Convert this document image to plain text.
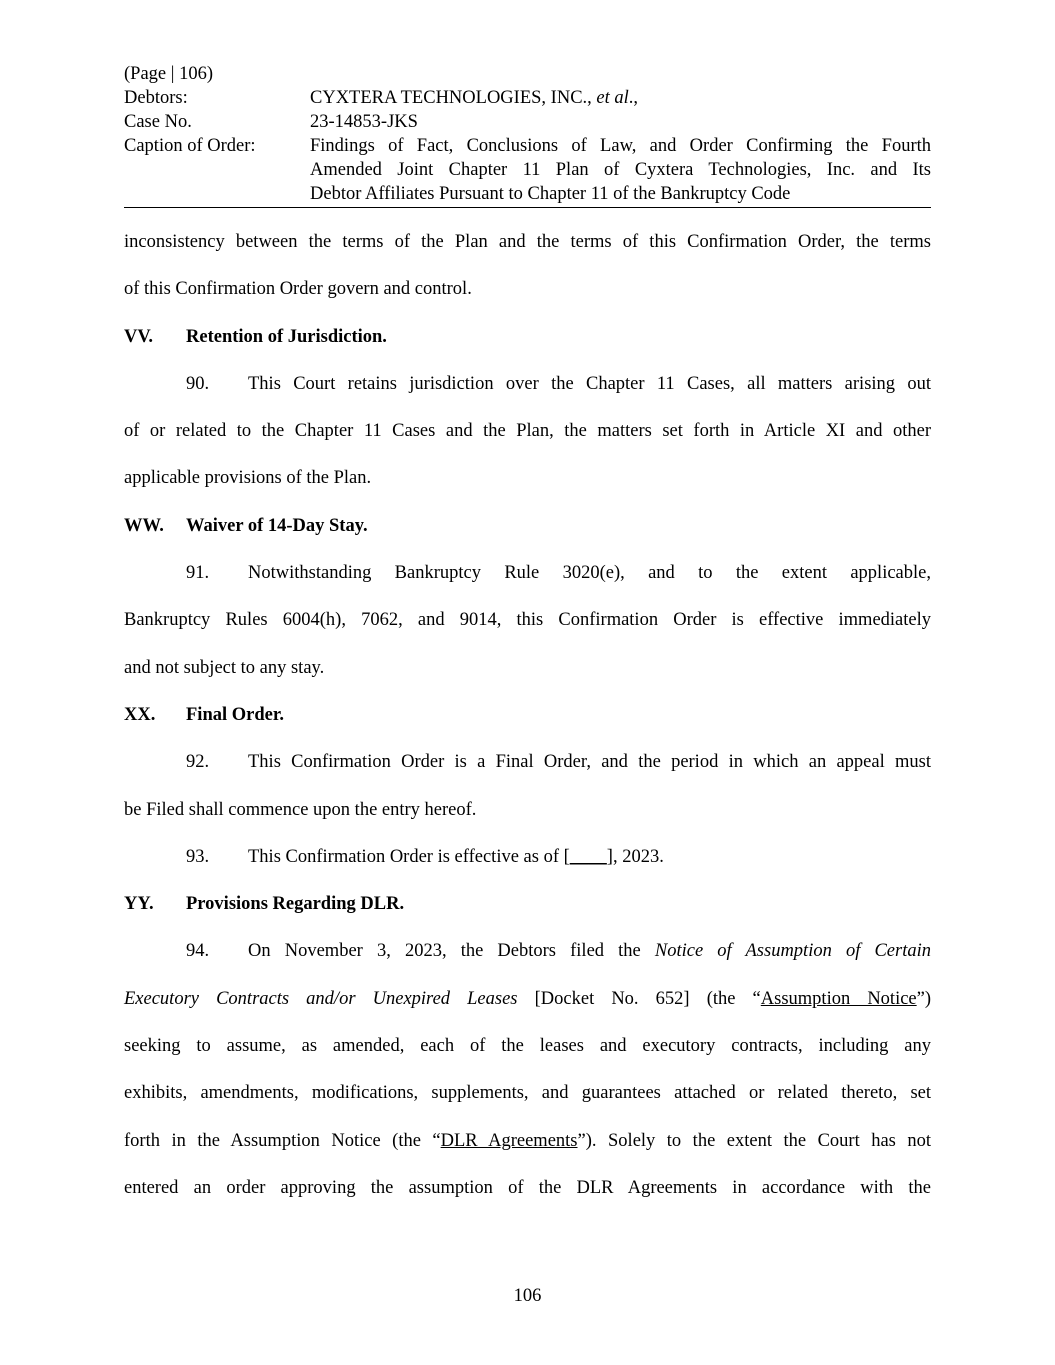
(Page | 106)
Debtors:	CYXTERA TECHNOLOGIES, INC., et al.,
Case No.	23-14853-JKS
Caption of Order:	Findings of Fact, Conclusions of Law, and Order Confirming the Fourth
Amended Joint Chapter 11 Plan of Cyxtera Technologies, Inc. and Its
Debtor Affiliates Pursuant to Chapter 11 of the Bankruptcy Code
inconsistency between the terms of the Plan and the terms of this Confirmation Order, the terms
of this Confirmation Order govern and control.
VV.	Retention of Jurisdiction.
90. This Court retains jurisdiction over the Chapter 11 Cases, all matters arising out
of or related to the Chapter 11 Cases and the Plan, the matters set forth in Article XI and other
applicable provisions of the Plan.
WW.	Waiver of 14-Day Stay.
91. Notwithstanding Bankruptcy Rule 3020(e), and to the extent applicable,
Bankruptcy Rules 6004(h), 7062, and 9014, this Confirmation Order is effective immediately
and not subject to any stay.
XX.	Final Order.
92. This Confirmation Order is a Final Order, and the period in which an appeal must
be Filed shall commence upon the entry hereof.
93. This Confirmation Order is effective as of [____], 2023.
YY.	Provisions Regarding DLR.
94. On November 3, 2023, the Debtors filed the Notice of Assumption of Certain
Executory Contracts and/or Unexpired Leases [Docket No. 652] (the “Assumption Notice”)
seeking to assume, as amended, each of the leases and executory contracts, including any
exhibits, amendments, modifications, supplements, and guarantees attached or related thereto, set
forth in the Assumption Notice (the “DLR Agreements”). Solely to the extent the Court has not
entered an order approving the assumption of the DLR Agreements in accordance with the
106
